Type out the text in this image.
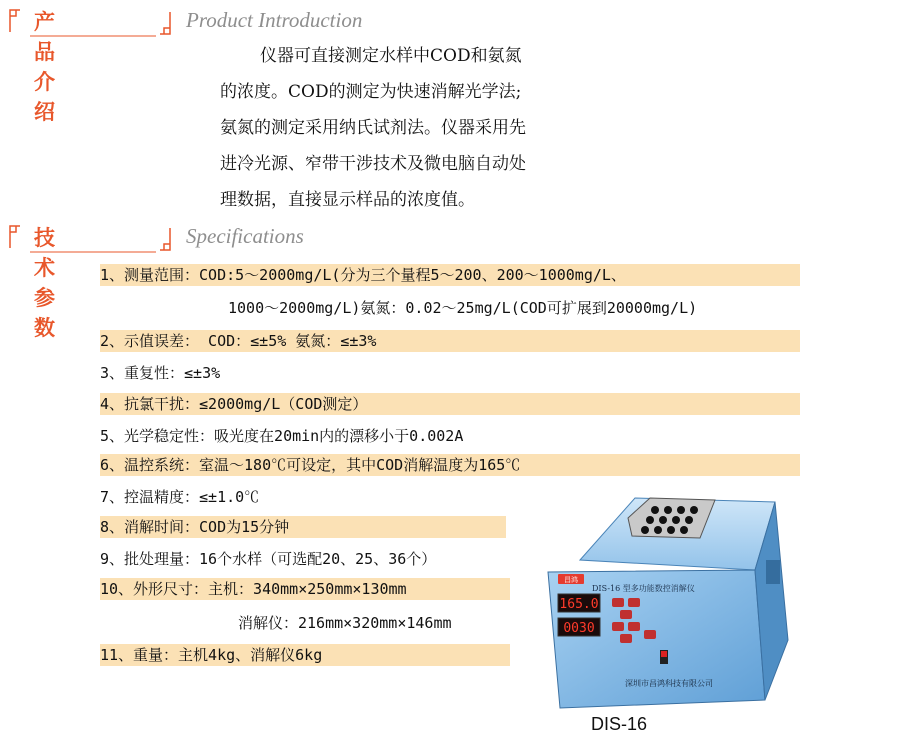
产品介绍
Product Introduction
仪器可直接测定水样中COD和氨氮
的浓度。COD的测定为快速消解光学法;
氨氮的测定采用纳氏试剂法。仪器采用先
进冷光源、窄带干涉技术及微电脑自动处
理数据，直接显示样品的浓度值。
技术参数
Specifications
1、测量范围：COD:5～2000mg/L(分为三个量程5～200、200～1000mg/L、
1000～2000mg/L)氨氮：0.02～25mg/L(COD可扩展到20000mg/L)
2、示值误差： COD：≤±5% 氨氮：≤±3%
3、重复性：≤±3%
4、抗氯干扰：≤2000mg/L（COD测定）
5、光学稳定性：吸光度在20min内的漂移小于0.002A
6、温控系统：室温～180℃可设定，其中COD消解温度为165℃
7、控温精度：≤±1.0℃
8、消解时间：COD为15分钟
9、批处理量：16个水样（可选配20、25、36个）
10、外形尺寸：主机：340mm×250mm×130mm
消解仪：216mm×320mm×146mm
11、重量：主机4kg、消解仪6kg
昌鸿
DIS-16 型多功能数控消解仪
165.0
0030
深圳市昌鸿科技有限公司
DIS-16
